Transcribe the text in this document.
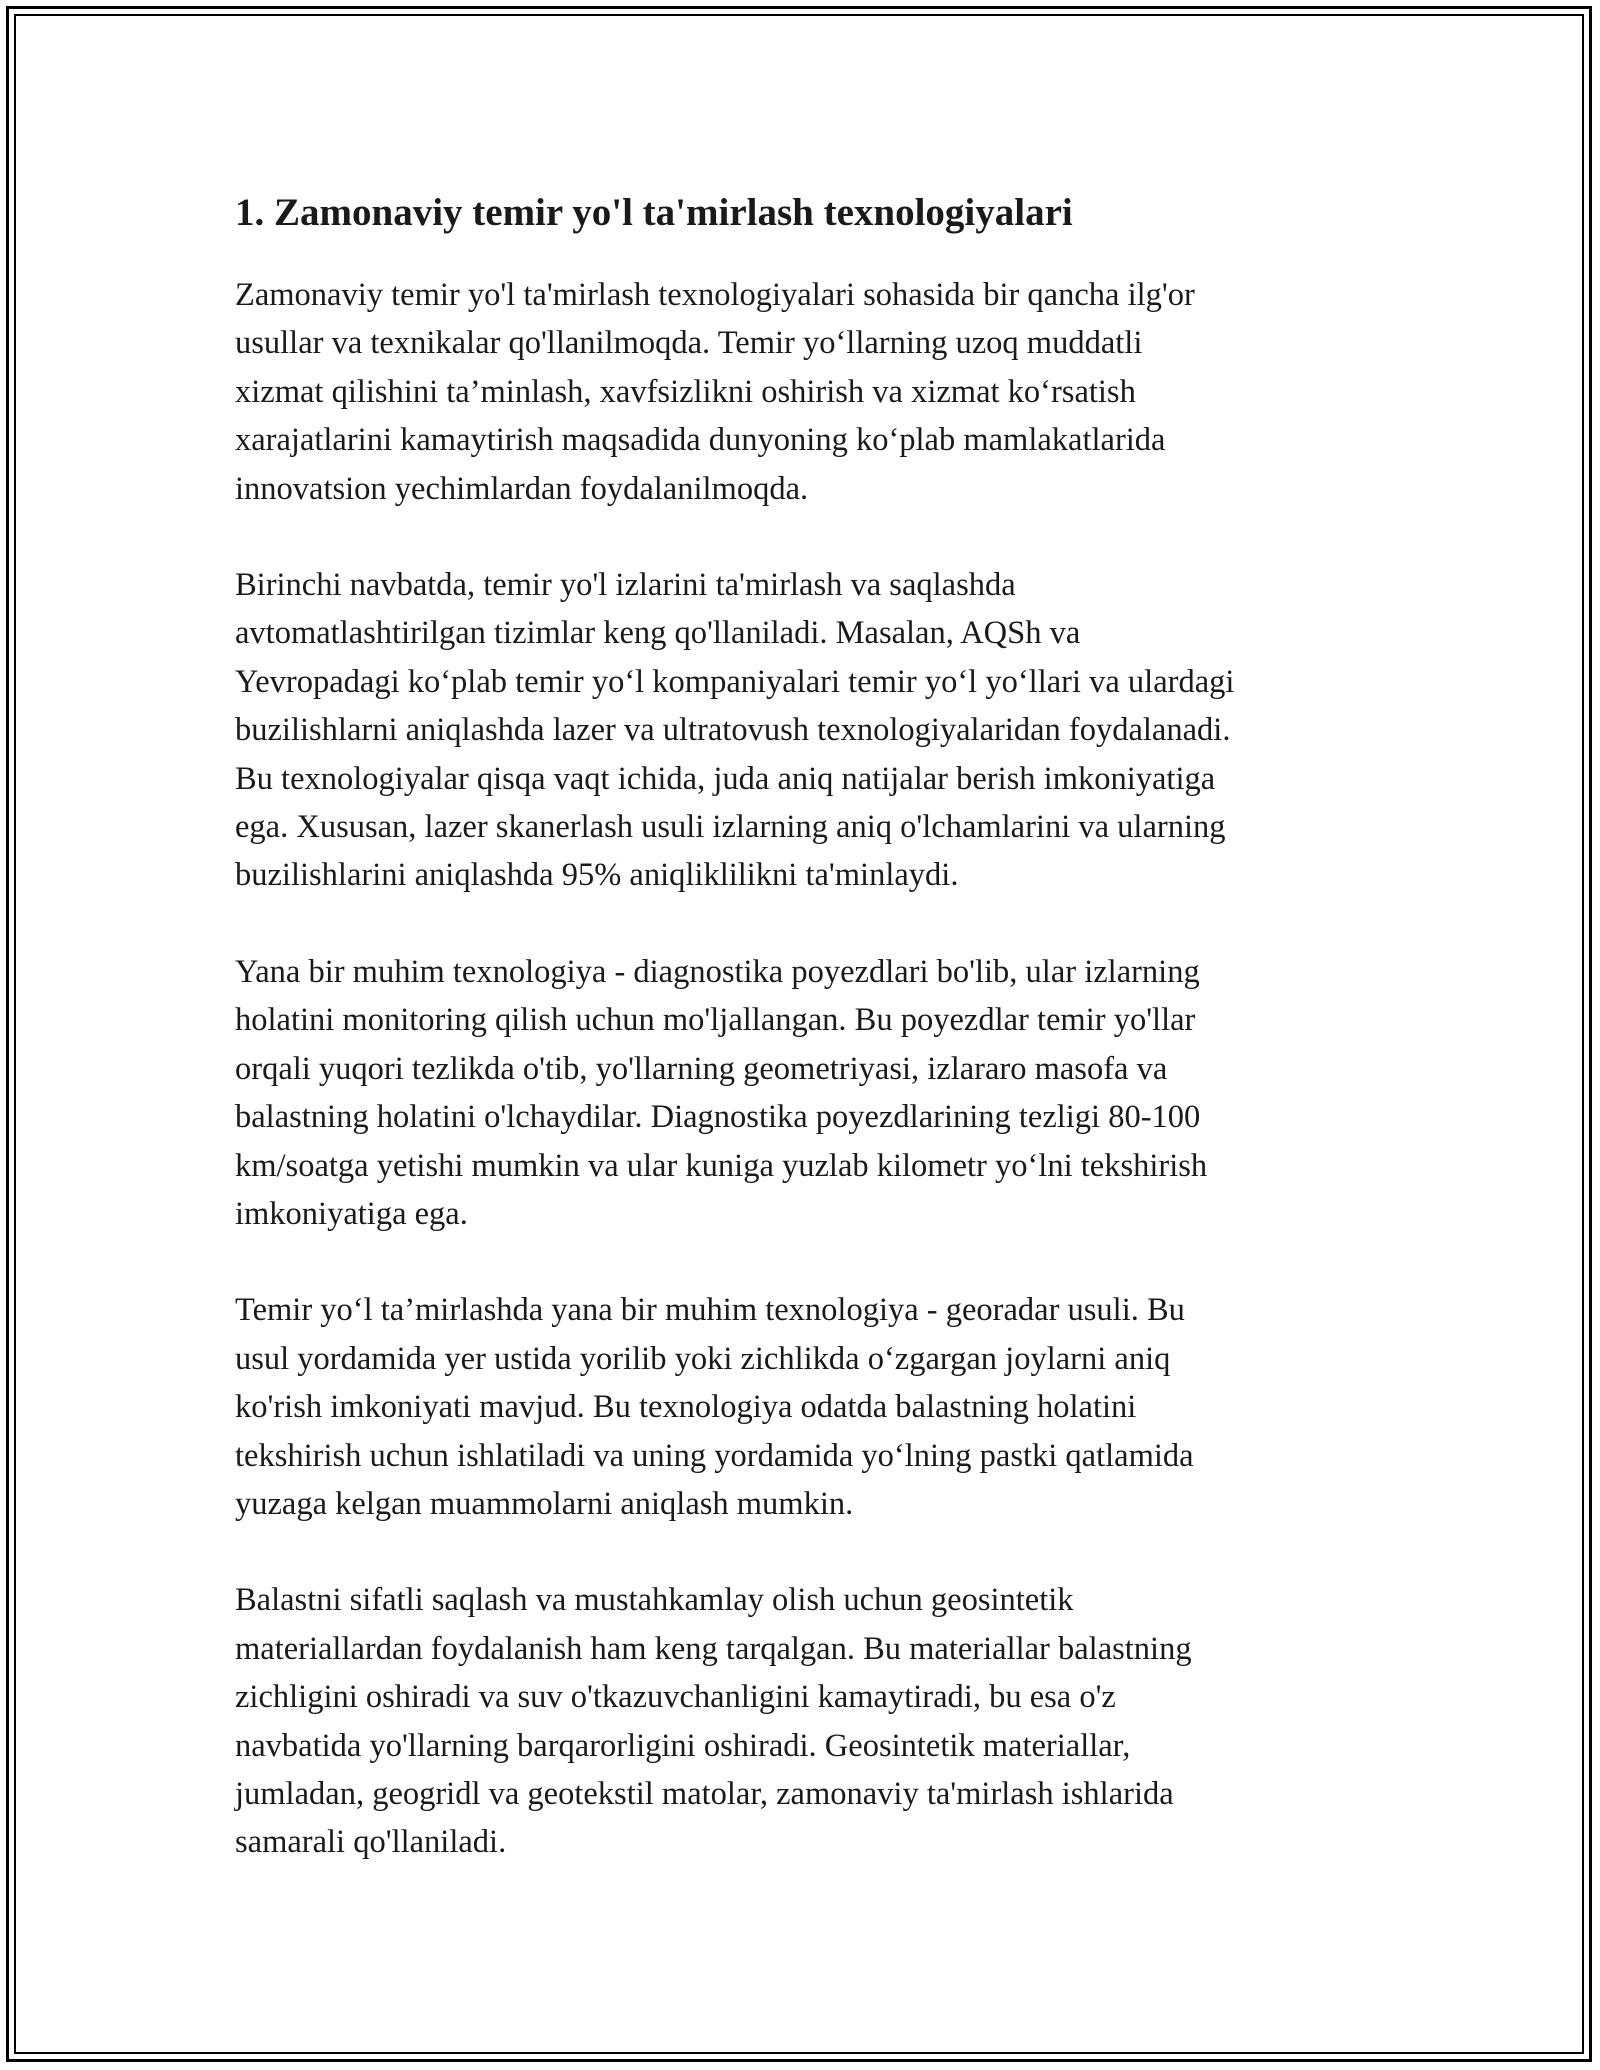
1. Zamonaviy temir yo'l ta'mirlash texnologiyalari

Zamonaviy temir yo'l ta'mirlash texnologiyalari sohasida bir qancha ilg'or
usullar va texnikalar qo'llanilmoqda. Temir yo‘llarning uzoq muddatli
xizmat qilishini ta’minlash, xavfsizlikni oshirish va xizmat ko‘rsatish
xarajatlarini kamaytirish maqsadida dunyoning ko‘plab mamlakatlarida
innovatsion yechimlardan foydalanilmoqda.

Birinchi navbatda, temir yo'l izlarini ta'mirlash va saqlashda
avtomatlashtirilgan tizimlar keng qo'llaniladi. Masalan, AQSh va
Yevropadagi ko‘plab temir yo‘l kompaniyalari temir yo‘l yo‘llari va ulardagi
buzilishlarni aniqlashda lazer va ultratovush texnologiyalaridan foydalanadi.
Bu texnologiyalar qisqa vaqt ichida, juda aniq natijalar berish imkoniyatiga
ega. Xususan, lazer skanerlash usuli izlarning aniq o'lchamlarini va ularning
buzilishlarini aniqlashda 95% aniqliklilikni ta'minlaydi.

Yana bir muhim texnologiya - diagnostika poyezdlari bo'lib, ular izlarning
holatini monitoring qilish uchun mo'ljallangan. Bu poyezdlar temir yo'llar
orqali yuqori tezlikda o'tib, yo'llarning geometriyasi, izlararo masofa va
balastning holatini o'lchaydilar. Diagnostika poyezdlarining tezligi 80-100
km/soatga yetishi mumkin va ular kuniga yuzlab kilometr yo‘lni tekshirish
imkoniyatiga ega.

Temir yo‘l ta’mirlashda yana bir muhim texnologiya - georadar usuli. Bu
usul yordamida yer ustida yorilib yoki zichlikda o‘zgargan joylarni aniq
ko'rish imkoniyati mavjud. Bu texnologiya odatda balastning holatini
tekshirish uchun ishlatiladi va uning yordamida yo‘lning pastki qatlamida
yuzaga kelgan muammolarni aniqlash mumkin.

Balastni sifatli saqlash va mustahkamlay olish uchun geosintetik
materiallardan foydalanish ham keng tarqalgan. Bu materiallar balastning
zichligini oshiradi va suv o'tkazuvchanligini kamaytiradi, bu esa o'z
navbatida yo'llarning barqarorligini oshiradi. Geosintetik materiallar,
jumladan, geogridl va geotekstil matolar, zamonaviy ta'mirlash ishlarida
samarali qo'llaniladi.
